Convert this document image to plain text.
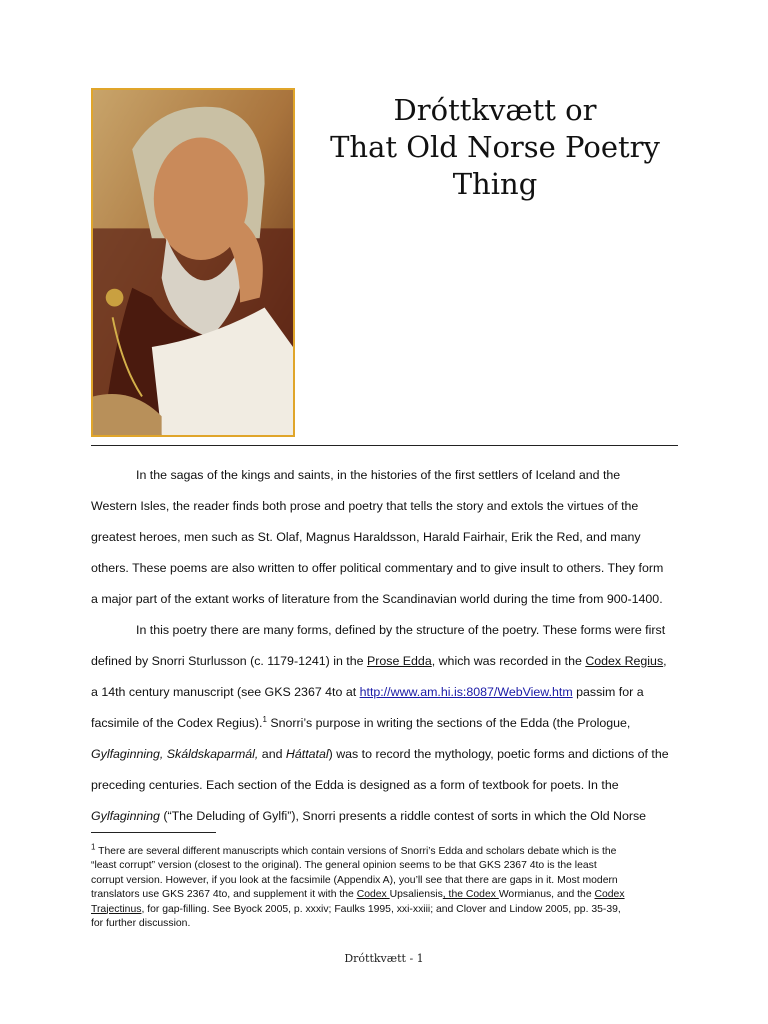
Dróttkvætt or
That Old Norse Poetry
Thing

In the sagas of the kings and saints, in the histories of the first settlers of Iceland and the
Western Isles, the reader finds both prose and poetry that tells the story and extols the virtues of the
greatest heroes, men such as St. Olaf, Magnus Haraldsson, Harald Fairhair, Erik the Red, and many
others. These poems are also written to offer political commentary and to give insult to others. They form
a major part of the extant works of literature from the Scandinavian world during the time from 900-1400.

In this poetry there are many forms, defined by the structure of the poetry. These forms were first
defined by Snorri Sturlusson (c. 1179-1241) in the Prose Edda, which was recorded in the Codex Regius,
a 14th century manuscript (see GKS 2367 4to at http://www.am.hi.is:8087/WebView.htm passim for a
facsimile of the Codex Regius).$^1$ Snorri’s purpose in writing the sections of the Edda (the Prologue,
Gylfaginning, Skáldskaparmál, and Háttatal) was to record the mythology, poetic forms and dictions of the
preceding centuries. Each section of the Edda is designed as a form of textbook for poets. In the
Gylfaginning (“The Deluding of Gylfi”), Snorri presents a riddle contest of sorts in which the Old Norse

$^1$ There are several different manuscripts which contain versions of Snorri’s Edda and scholars debate which is the
“least corrupt” version (closest to the original). The general opinion seems to be that GKS 2367 4to is the least
corrupt version. However, if you look at the facsimile (Appendix A), you’ll see that there are gaps in it. Most modern
translators use GKS 2367 4to, and supplement it with the Codex Upsaliensis, the Codex Wormianus, and the Codex
Trajectinus, for gap-filling. See Byock 2005, p. xxxiv; Faulks 1995, xxi-xxiii; and Clover and Lindow 2005, pp. 35-39,
for further discussion.
Dróttkvætt - 1
